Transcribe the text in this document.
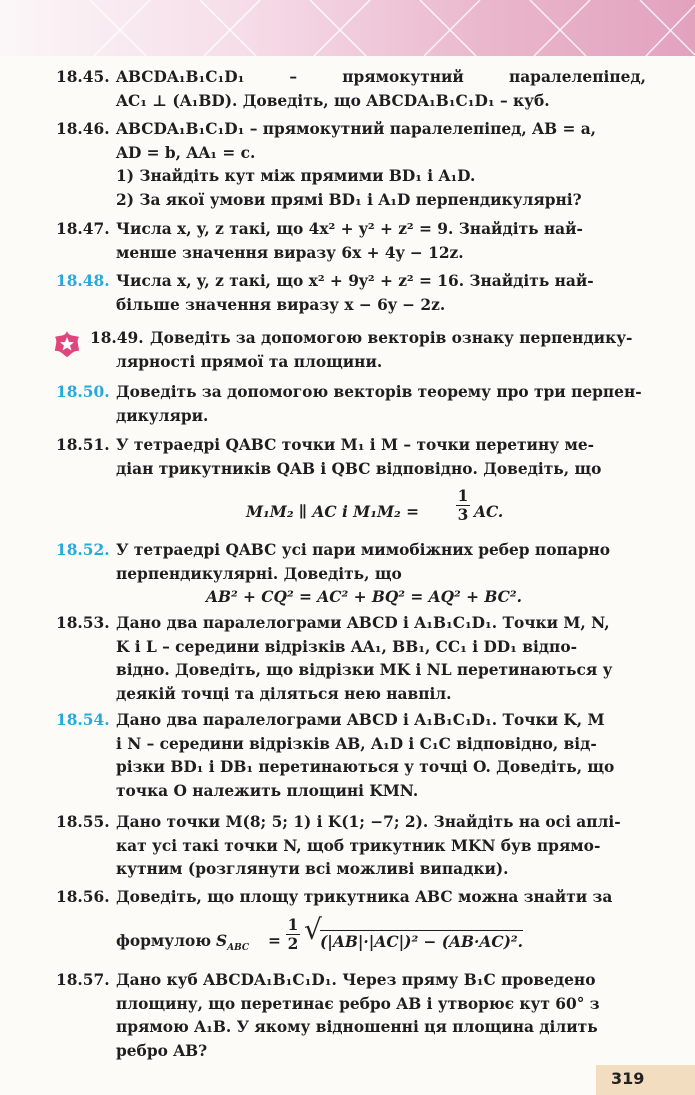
18.45. ABCDA₁B₁C₁D₁ – прямокутний паралелепіпед,
AC₁ ⊥ (A₁BD). Доведіть, що ABCDA₁B₁C₁D₁ – куб.
18.46. ABCDA₁B₁C₁D₁ – прямокутний паралелепіпед, AB = a,
AD = b, AA₁ = c.
1) Знайдіть кут між прямими BD₁ і A₁D.
2) За якої умови прямі BD₁ і A₁D перпендикулярні?
18.47. Числа x, y, z такі, що 4x² + y² + z² = 9. Знайдіть най-
менше значення виразу 6x + 4y − 12z.
18.48. Числа x, y, z такі, що x² + 9y² + z² = 16. Знайдіть най-
більше значення виразу x − 6y − 2z.
18.49. Доведіть за допомогою векторів ознаку перпендику-
лярності прямої та площини.
18.50. Доведіть за допомогою векторів теорему про три перпен-
дикуляри.
18.51. У тетраедрі QABC точки M₁ і M – точки перетину ме-
діан трикутників QAB і QBC відповідно. Доведіть, що
M₁M₂ ∥ AC і $M_1M_2 = \frac{1}{3}$ AC.
18.52. У тетраедрі QABC усі пари мимобіжних ребер попарно
перпендикулярні. Доведіть, що
AB² + CQ² = AC² + BQ² = AQ² + BC².
18.53. Дано два паралелограми ABCD і A₁B₁C₁D₁. Точки M, N,
K і L – середини відрізків AA₁, BB₁, CC₁ і DD₁ відпо-
відно. Доведіть, що відрізки MK і NL перетинаються у
деякій точці та діляться нею навпіл.
18.54. Дано два паралелограми ABCD і A₁B₁C₁D₁. Точки K, M
і N – середини відрізків AB, A₁D і C₁C відповідно, від-
різки BD₁ і DB₁ перетинаються у точці O. Доведіть, що
точка O належить площині KMN.
18.55. Дано точки M(8; 5; 1) і K(1; −7; 2). Знайдіть на осі аплі-
кат усі такі точки N, щоб трикутник MKN був прямо-
кутним (розглянути всі можливі випадки).
18.56. Доведіть, що площу трикутника ABC можна знайти за
формулою $S_{ABC} = \frac{1}{2}$ √
(|AB|·|AC|)² − (AB·AC)².
18.57. Дано куб ABCDA₁B₁C₁D₁. Через пряму B₁C проведено
площину, що перетинає ребро AB і утворює кут 60° з
прямою A₁B. У якому відношенні ця площина ділить
ребро AB?
319
